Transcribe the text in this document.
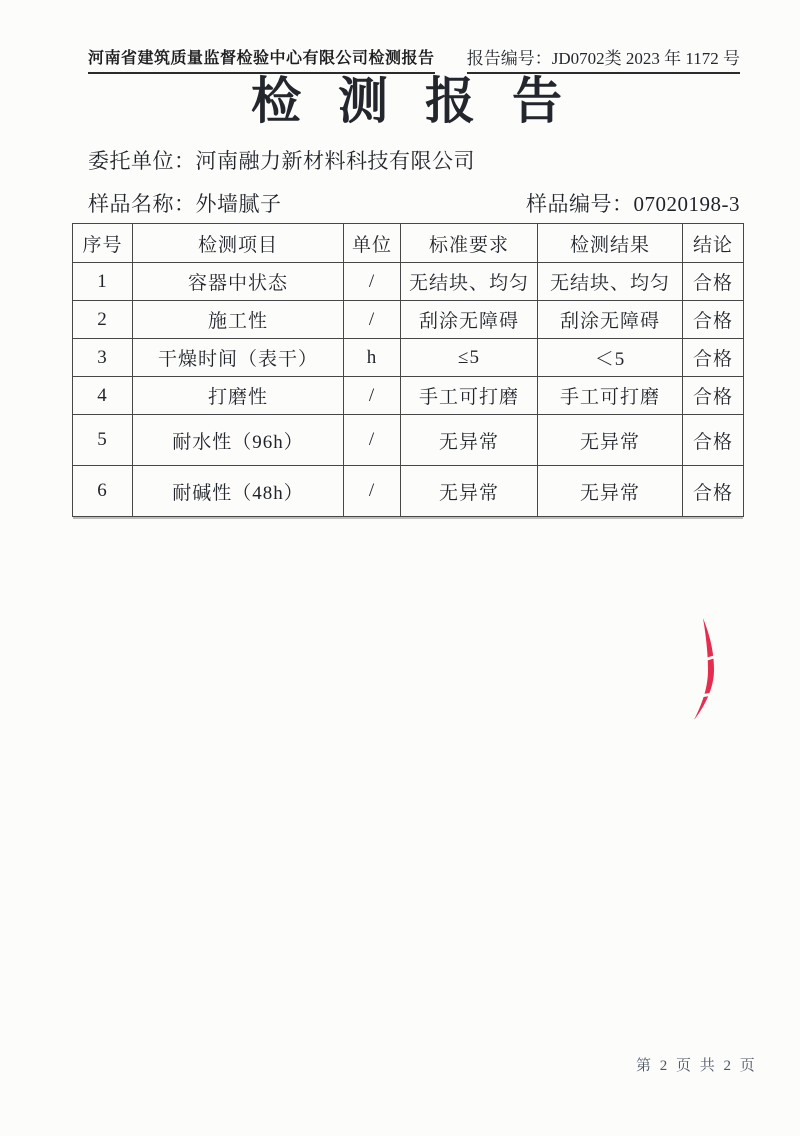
河南省建筑质量监督检验中心有限公司检测报告 报告编号：JD0702类 2023 年 1172 号
检测报告
委托单位：河南融力新材料科技有限公司
样品名称：外墙腻子	样品编号：07020198-3
序号	检测项目	单位	标准要求	检测结果	结论
1	容器中状态	/	无结块、均匀	无结块、均匀	合格
2	施工性	/	刮涂无障碍	刮涂无障碍	合格
3	干燥时间（表干）	h	≤5	＜5	合格
4	打磨性	/	手工可打磨	手工可打磨	合格
5	耐水性（96h）	/	无异常	无异常	合格
6	耐碱性（48h）	/	无异常	无异常	合格
第 2 页 共 2 页
